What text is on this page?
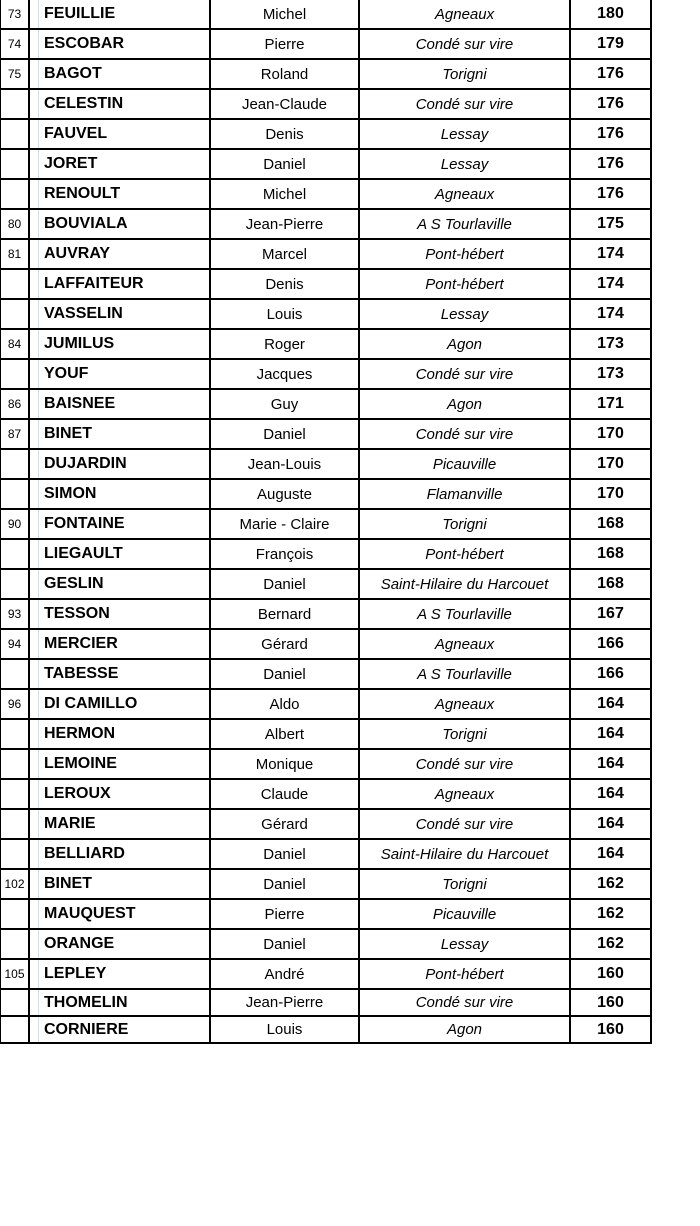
73	FEUILLIE	Michel	Agneaux	180
74	ESCOBAR	Pierre	Condé sur vire	179
75	BAGOT	Roland	Torigni	176
	CELESTIN	Jean-Claude	Condé sur vire	176
	FAUVEL	Denis	Lessay	176
	JORET	Daniel	Lessay	176
	RENOULT	Michel	Agneaux	176
80	BOUVIALA	Jean-Pierre	A S Tourlaville	175
81	AUVRAY	Marcel	Pont-hébert	174
	LAFFAITEUR	Denis	Pont-hébert	174
	VASSELIN	Louis	Lessay	174
84	JUMILUS	Roger	Agon	173
	YOUF	Jacques	Condé sur vire	173
86	BAISNEE	Guy	Agon	171
87	BINET	Daniel	Condé sur vire	170
	DUJARDIN	Jean-Louis	Picauville	170
	SIMON	Auguste	Flamanville	170
90	FONTAINE	Marie - Claire	Torigni	168
	LIEGAULT	François	Pont-hébert	168
	GESLIN	Daniel	Saint-Hilaire du Harcouet	168
93	TESSON	Bernard	A S Tourlaville	167
94	MERCIER	Gérard	Agneaux	166
	TABESSE	Daniel	A S Tourlaville	166
96	DI CAMILLO	Aldo	Agneaux	164
	HERMON	Albert	Torigni	164
	LEMOINE	Monique	Condé sur vire	164
	LEROUX	Claude	Agneaux	164
	MARIE	Gérard	Condé sur vire	164
	BELLIARD	Daniel	Saint-Hilaire du Harcouet	164
102	BINET	Daniel	Torigni	162
	MAUQUEST	Pierre	Picauville	162
	ORANGE	Daniel	Lessay	162
105	LEPLEY	André	Pont-hébert	160
	THOMELIN	Jean-Pierre	Condé sur vire	160
	CORNIERE	Louis	Agon	160
